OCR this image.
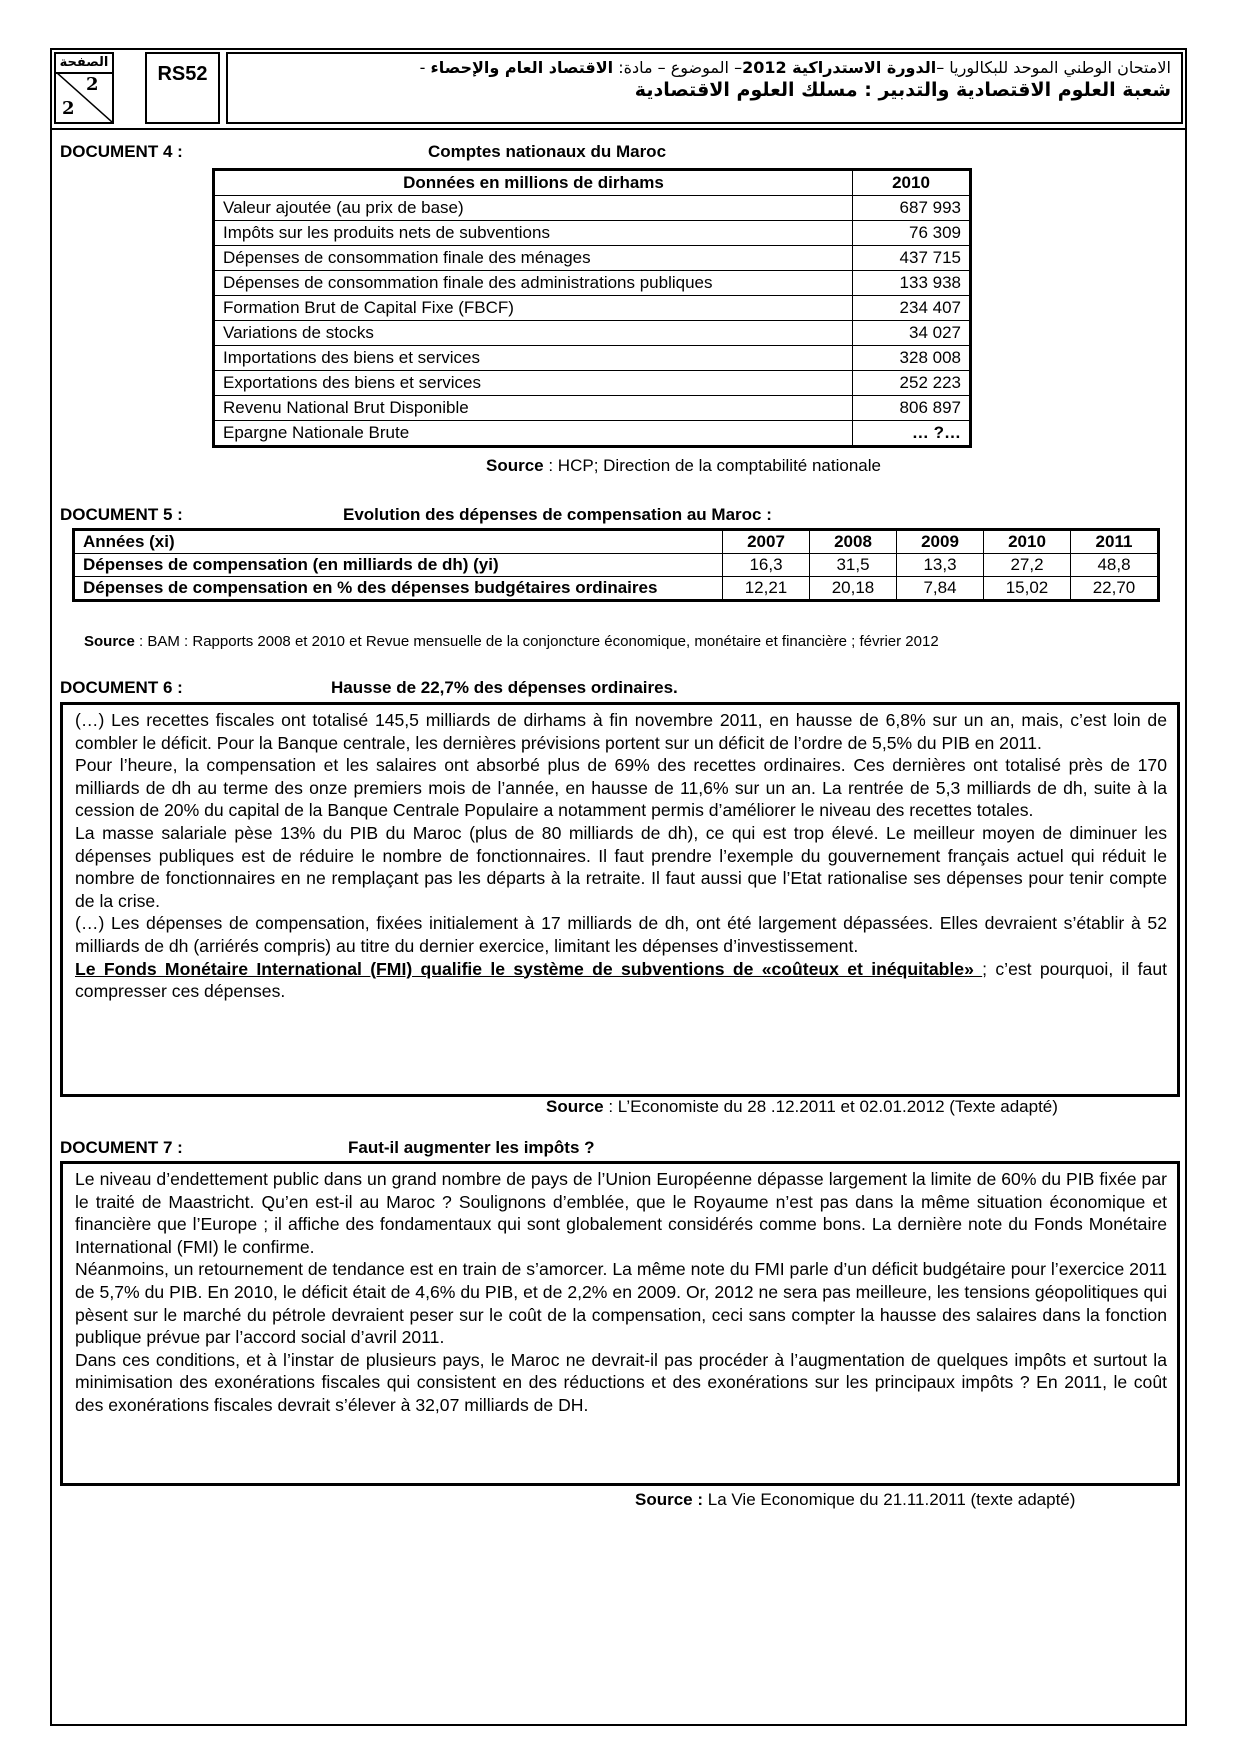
الصفحة
2
2
RS52	الامتحان الوطني الموحد للبكالوريا –الدورة الاستدراكية 2012– الموضوع – مادة: الاقتصاد العام والإحصاء -
شعبة العلوم الاقتصادية والتدبير : مسلك العلوم الاقتصادية
DOCUMENT 4 :	Comptes nationaux du Maroc
Données en millions de dirhams	2010
Valeur ajoutée (au prix de base)	687 993
Impôts sur les produits nets de subventions	76 309
Dépenses de consommation finale des ménages	437 715
Dépenses de consommation finale des administrations publiques	133 938
Formation Brut de Capital Fixe (FBCF)	234 407
Variations de stocks	34 027
Importations des biens et services	328 008
Exportations des biens et services	252 223
Revenu National Brut Disponible	806 897
Epargne Nationale Brute	… ?…
Source : HCP; Direction de la comptabilité nationale
DOCUMENT 5 :	Evolution des dépenses de compensation au Maroc :
Années (xi)	2007	2008	2009	2010	2011
Dépenses de compensation (en milliards de dh) (yi)	16,3	31,5	13,3	27,2	48,8
Dépenses de compensation en % des dépenses budgétaires ordinaires	12,21	20,18	7,84	15,02	22,70
Source : BAM : Rapports 2008 et 2010 et Revue mensuelle de la conjoncture économique, monétaire et financière ; février 2012
DOCUMENT 6 :	Hausse de 22,7% des dépenses ordinaires.

(…) Les recettes fiscales ont totalisé 145,5 milliards de dirhams à fin novembre 2011, en hausse de 6,8% sur un an, mais, c’est loin de combler le déficit. Pour la Banque centrale, les dernières prévisions portent sur un déficit de l’ordre de 5,5% du PIB en 2011.

Pour l’heure, la compensation et les salaires ont absorbé plus de 69% des recettes ordinaires. Ces dernières ont totalisé près de 170 milliards de dh au terme des onze premiers mois de l’année, en hausse de 11,6% sur un an. La rentrée de 5,3 milliards de dh, suite à la cession de 20% du capital de la Banque Centrale Populaire a notamment permis d’améliorer le niveau des recettes totales.

La masse salariale pèse 13% du PIB du Maroc (plus de 80 milliards de dh), ce qui est trop élevé. Le meilleur moyen de diminuer les dépenses publiques est de réduire le nombre de fonctionnaires. Il faut prendre l’exemple du gouvernement français actuel qui réduit le nombre de fonctionnaires en ne remplaçant pas les départs à la retraite. Il faut aussi que l’Etat rationalise ses dépenses pour tenir compte de la crise.

(…) Les dépenses de compensation, fixées initialement à 17 milliards de dh, ont été largement dépassées. Elles devraient s’établir à 52 milliards de dh (arriérés compris) au titre du dernier exercice, limitant les dépenses d’investissement.

Le Fonds Monétaire International (FMI) qualifie le système de subventions de «coûteux et inéquitable» ; c’est pourquoi, il faut compresser ces dépenses.

Source : L’Economiste du 28 .12.2011 et 02.01.2012 (Texte adapté)
DOCUMENT 7 :	Faut-il augmenter les impôts ?

Le niveau d’endettement public dans un grand nombre de pays de l’Union Européenne dépasse largement la limite de 60% du PIB fixée par le traité de Maastricht. Qu’en est-il au Maroc ? Soulignons d’emblée, que le Royaume n’est pas dans la même situation économique et financière que l’Europe ; il affiche des fondamentaux qui sont globalement considérés comme bons. La dernière note du Fonds Monétaire International (FMI) le confirme.

Néanmoins, un retournement de tendance est en train de s’amorcer. La même note du FMI parle d’un déficit budgétaire pour l’exercice 2011 de 5,7% du PIB. En 2010, le déficit était de 4,6% du PIB, et de 2,2% en 2009. Or, 2012 ne sera pas meilleure, les tensions géopolitiques qui pèsent sur le marché du pétrole devraient peser sur le coût de la compensation, ceci sans compter la hausse des salaires dans la fonction publique prévue par l’accord social d’avril 2011.

Dans ces conditions, et à l’instar de plusieurs pays, le Maroc ne devrait-il pas procéder à l’augmentation de quelques impôts et surtout la minimisation des exonérations fiscales qui consistent en des réductions et des exonérations sur les principaux impôts ? En 2011, le coût des exonérations fiscales devrait s’élever à 32,07 milliards de DH.

Source : La Vie Economique du 21.11.2011 (texte adapté)
